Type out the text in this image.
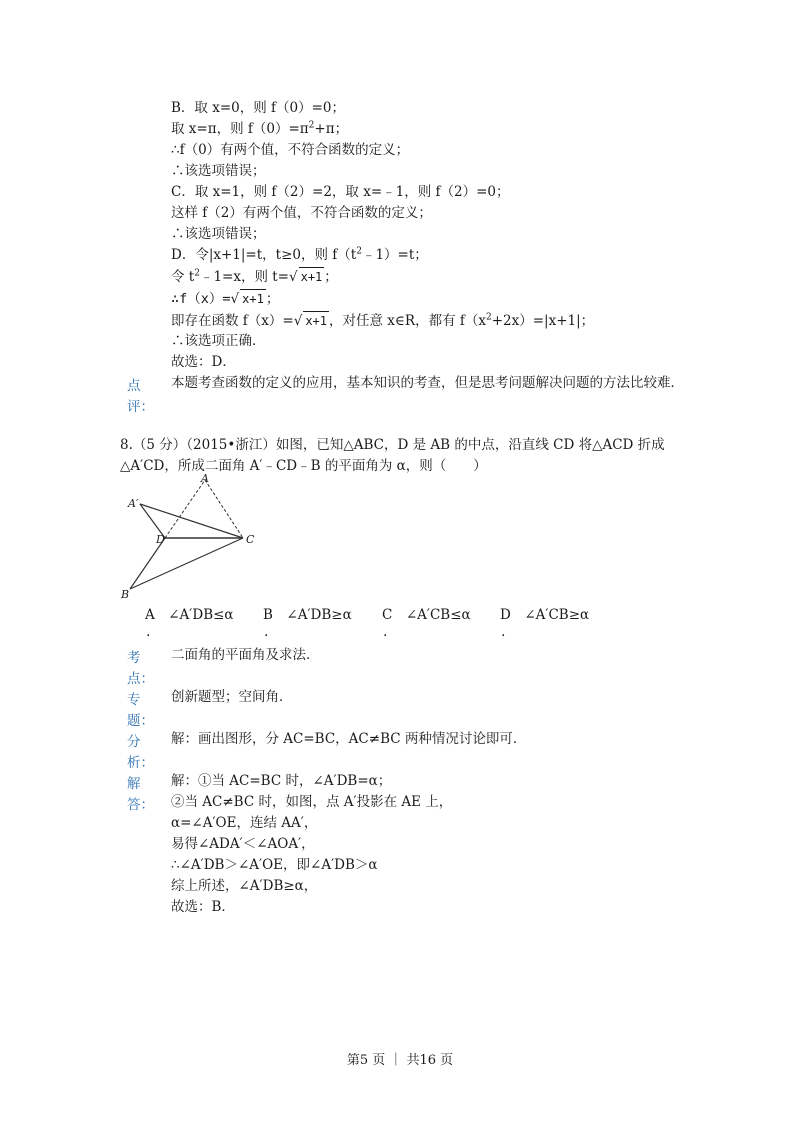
B．取 x=0，则 f（0）=0；
取 x=π，则 $f(0)=\pi^2+\pi$；
∴f（0）有两个值，不符合函数的定义；
∴该选项错误；
C．取 x=1，则 f（2）=2，取 x=﹣1，则 f（2）=0；
这样 f（2）有两个值，不符合函数的定义；
∴该选项错误；
D．令|x+1|=t，t≥0，则 $f(t^2﹣1)=t$；
令 $t^2﹣1=x$，则 t=√ x+1 ；
∴f（x）=√ x+1 ；
即存在函数 f（x）=√ x+1 ，对任意 x∈R，都有 $f(x^2+2x)=|x+1|$；
∴该选项正确．
故选：D．
点
评：
本题考查函数的定义的应用，基本知识的考查，但是思考问题解决问题的方法比较难．
8.（5 分）（2015•浙江）如图，已知△ABC，D 是 AB 的中点，沿直线 CD 将△ACD 折成
△A′CD，所成二面角 A′﹣CD﹣B 的平面角为 α，则（　　）
A′
A
D	C
B
A　 ∠A′DB≤α
.
B　 ∠A′DB≥α
.
C　 ∠A′CB≤α
.
D　 ∠A′CB≥α
.
考
点：
二面角的平面角及求法．
专
题：
创新题型；空间角．
分
析：
解：画出图形，分 AC=BC，AC≠BC 两种情况讨论即可．
解
答：
解：①当 AC=BC 时，∠A′DB=α；
②当 AC≠BC 时，如图，点 A′投影在 AE 上，
α=∠A′OE，连结 AA′，
易得∠ADA′＜∠AOA′，
∴∠A′DB＞∠A′OE，即∠A′DB＞α
综上所述，∠A′DB≥α，
故选：B．
第5 页 ｜ 共16 页
